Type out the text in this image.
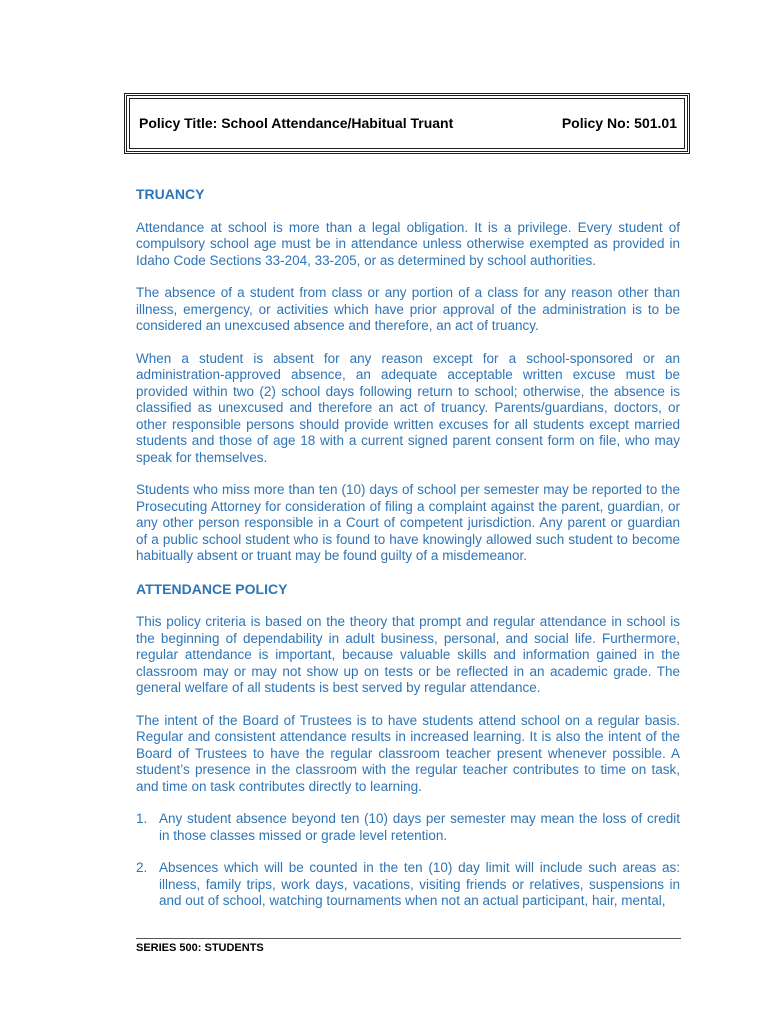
Policy Title: School Attendance/Habitual Truant	Policy No: 501.01
TRUANCY

Attendance at school is more than a legal obligation. It is a privilege. Every student of compulsory school age must be in attendance unless otherwise exempted as provided in Idaho Code Sections 33-204, 33-205, or as determined by school authorities.

The absence of a student from class or any portion of a class for any reason other than illness, emergency, or activities which have prior approval of the administration is to be considered an unexcused absence and therefore, an act of truancy.

When a student is absent for any reason except for a school-sponsored or an administration-approved absence, an adequate acceptable written excuse must be provided within two (2) school days following return to school; otherwise, the absence is classified as unexcused and therefore an act of truancy. Parents/guardians, doctors, or other responsible persons should provide written excuses for all students except married students and those of age 18 with a current signed parent consent form on file, who may speak for themselves.

Students who miss more than ten (10) days of school per semester may be reported to the Prosecuting Attorney for consideration of filing a complaint against the parent, guardian, or any other person responsible in a Court of competent jurisdiction. Any parent or guardian of a public school student who is found to have knowingly allowed such student to become habitually absent or truant may be found guilty of a misdemeanor.

ATTENDANCE POLICY

This policy criteria is based on the theory that prompt and regular attendance in school is the beginning of dependability in adult business, personal, and social life. Furthermore, regular attendance is important, because valuable skills and information gained in the classroom may or may not show up on tests or be reflected in an academic grade. The general welfare of all students is best served by regular attendance.

The intent of the Board of Trustees is to have students attend school on a regular basis. Regular and consistent attendance results in increased learning. It is also the intent of the Board of Trustees to have the regular classroom teacher present whenever possible. A student’s presence in the classroom with the regular teacher contributes to time on task, and time on task contributes directly to learning.

1. Any student absence beyond ten (10) days per semester may mean the loss of credit in those classes missed or grade level retention.
2. Absences which will be counted in the ten (10) day limit will include such areas as: illness, family trips, work days, vacations, visiting friends or relatives, suspensions in and out of school, watching tournaments when not an actual participant, hair, mental,
SERIES 500: STUDENTS
